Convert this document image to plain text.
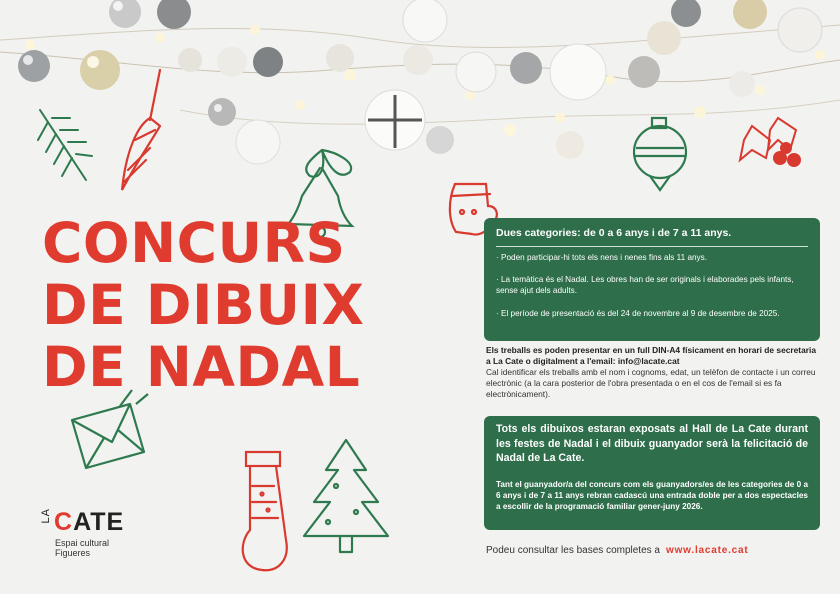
CONCURS
DE DIBUIX
DE NADAL
Dues categories: de 0 a 6 anys i de 7 a 11 anys.
· Poden participar-hi tots els nens i nenes fins als 11 anys.
· La temàtica és el Nadal. Les obres han de ser originals i elaborades pels infants, sense ajut dels adults.
· El període de presentació és del 24 de novembre al 9 de desembre de 2025.
Els treballs es poden presentar en un full DIN-A4 físicament en horari de secretaria a La Cate o digitalment a l'email: info@lacate.cat
Cal identificar els treballs amb el nom i cognoms, edat, un telèfon de contacte i un correu electrònic (a la cara posterior de l'obra presentada o en el cos de l'email si es fa electrònicament).
Tots els dibuixos estaran exposats al Hall de La Cate durant les festes de Nadal i el dibuix guanyador serà la felicitació de Nadal de La Cate.
Tant el guanyador/a del concurs com els guanyadors/es de les categories de 0 a 6 anys i de 7 a 11 anys rebran cadascú una entrada doble per a dos espectacles a escollir de la programació familiar gener-juny 2026.
Podeu consultar les bases completes a www.lacate.cat
LA CATE
Espai cultural
Figueres
